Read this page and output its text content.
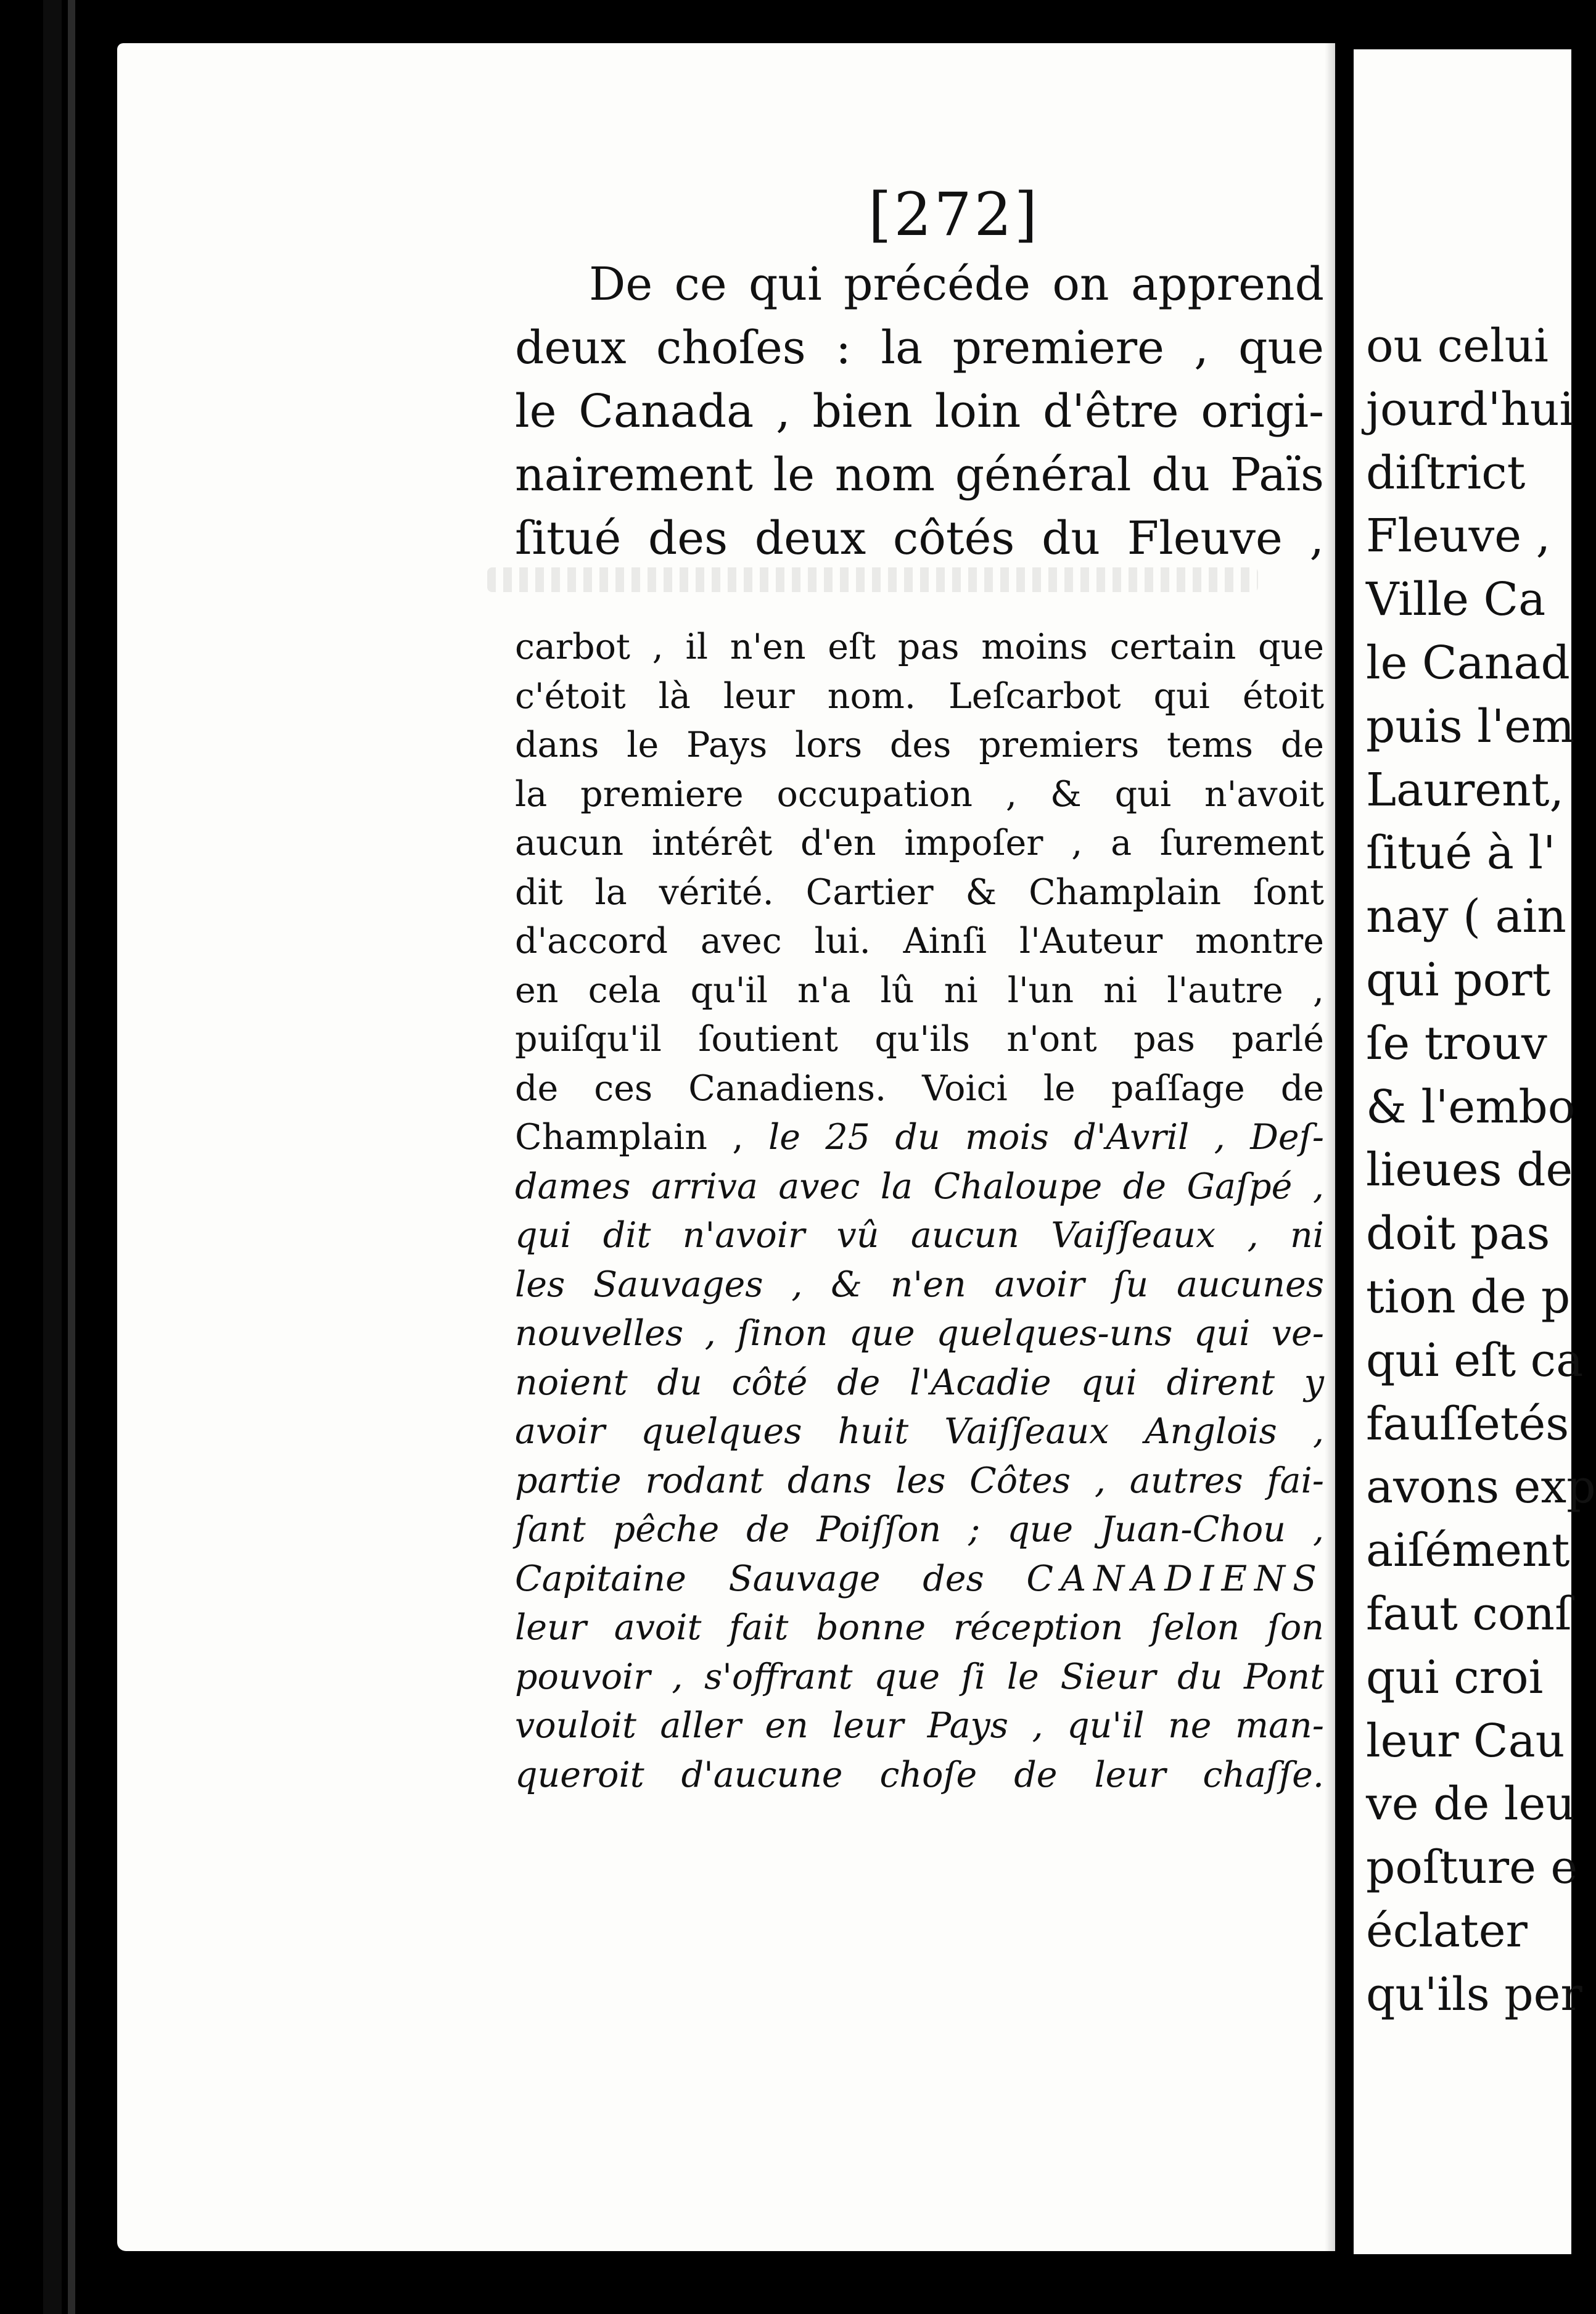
[272]
De ce qui précéde on apprend
deux choſes : la premiere , que
le Canada , bien loin d'être origi-
nairement le nom général du Païs
ſitué des deux côtés du Fleuve ,
carbot , il n'en eſt pas moins certain que
c'étoit là leur nom. Leſcarbot qui étoit
dans le Pays lors des premiers tems de
la premiere occupation , & qui n'avoit
aucun intérêt d'en impoſer , a ſurement
dit la vérité. Cartier & Champlain ſont
d'accord avec lui. Ainſi l'Auteur montre
en cela qu'il n'a lû ni l'un ni l'autre ,
puiſqu'il ſoutient qu'ils n'ont pas parlé
de ces Canadiens. Voici le paſſage de
Champlain , le 25 du mois d'Avril , Deſ-
dames arriva avec la Chaloupe de Gaſpé ,
qui dit n'avoir vû aucun Vaiſſeaux , ni
les Sauvages , & n'en avoir ſu aucunes
nouvelles , ſinon que quelques-uns qui ve-
noient du côté de l'Acadie qui dirent y
avoir quelques huit Vaiſſeaux Anglois ,
partie rodant dans les Côtes , autres fai-
ſant pêche de Poiſſon ; que Juan-Chou ,
Capitaine Sauvage des CANADIENS
leur avoit fait bonne réception ſelon ſon
pouvoir , s'offrant que ſi le Sieur du Pont
vouloit aller en leur Pays , qu'il ne man-
queroit d'aucune choſe de leur chaſſe.
ou celui
jourd'hui
diſtrict
Fleuve ,
Ville Ca
le Canad
puis l'em
Laurent,
ſitué à l'
nay ( ain
qui port
ſe trouv
& l'embo
lieues de
doit pas
tion de p
qui eſt ca
fauſſetés
avons exp
aiſément
faut conſ
qui croi
leur Cau
ve de leu
poſture e
éclater
qu'ils per
